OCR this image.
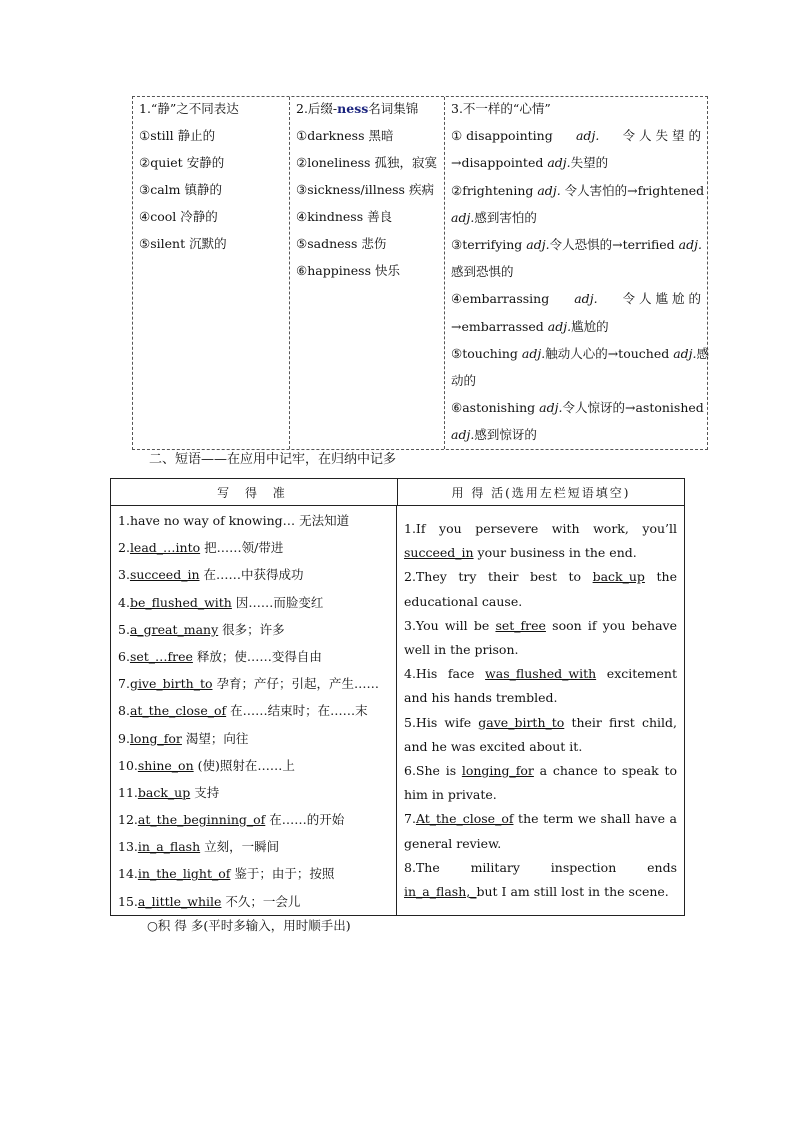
1.“静”之不同表达
①still 静止的
②quiet 安静的
③calm 镇静的
④cool 冷静的
⑤silent 沉默的
2.后缀-ness名词集锦
①darkness 黑暗
②loneliness 孤独，寂寞
③sickness/illness 疾病
④kindness 善良
⑤sadness 悲伤
⑥happiness 快乐
3.不一样的“心情”
① disappointing adj. 令 人 失 望 的
→disappointed adj.失望的
②frightening adj. 令人害怕的→frightened
adj.感到害怕的
③terrifying adj.令人恐惧的→terrified adj.
感到恐惧的
④embarrassing adj. 令 人 尴 尬 的
→embarrassed adj.尴尬的
⑤touching adj.触动人心的→touched adj.感
动的
⑥astonishing adj.令人惊讶的→astonished
adj.感到惊讶的
二、短语——在应用中记牢，在归纳中记多
写 得 准	用 得 活(选用左栏短语填空)
1.have no way of knowing… 无法知道
2.lead_…into 把……领/带进
3.succeed_in 在……中获得成功
4.be_flushed_with 因……而脸变红
5.a_great_many 很多；许多
6.set_…free 释放；使……变得自由
7.give_birth_to 孕育；产仔；引起，产生……
8.at_the_close_of 在……结束时；在……末
9.long_for 渴望；向往
10.shine_on (使)照射在……上
11.back_up 支持
12.at_the_beginning_of 在……的开始
13.in_a_flash 立刻，一瞬间
14.in_the_light_of 鉴于；由于；按照
15.a_little_while 不久；一会儿
1.If you persevere with work, you’ll succeed_in your business in the end.
2.They try their best to back_up the educational cause.
3.You will be set_free soon if you behave well in the prison.
4.His face was_flushed_with excitement and his hands trembled.
5.His wife gave_birth_to their first child, and he was excited about it.
6.She is longing_for a chance to speak to him in private.
7.At_the_close_of the term we shall have a general review.
8.The military inspection ends in_a_flash,_but I am still lost in the scene.
○积 得 多(平时多输入，用时顺手出)
